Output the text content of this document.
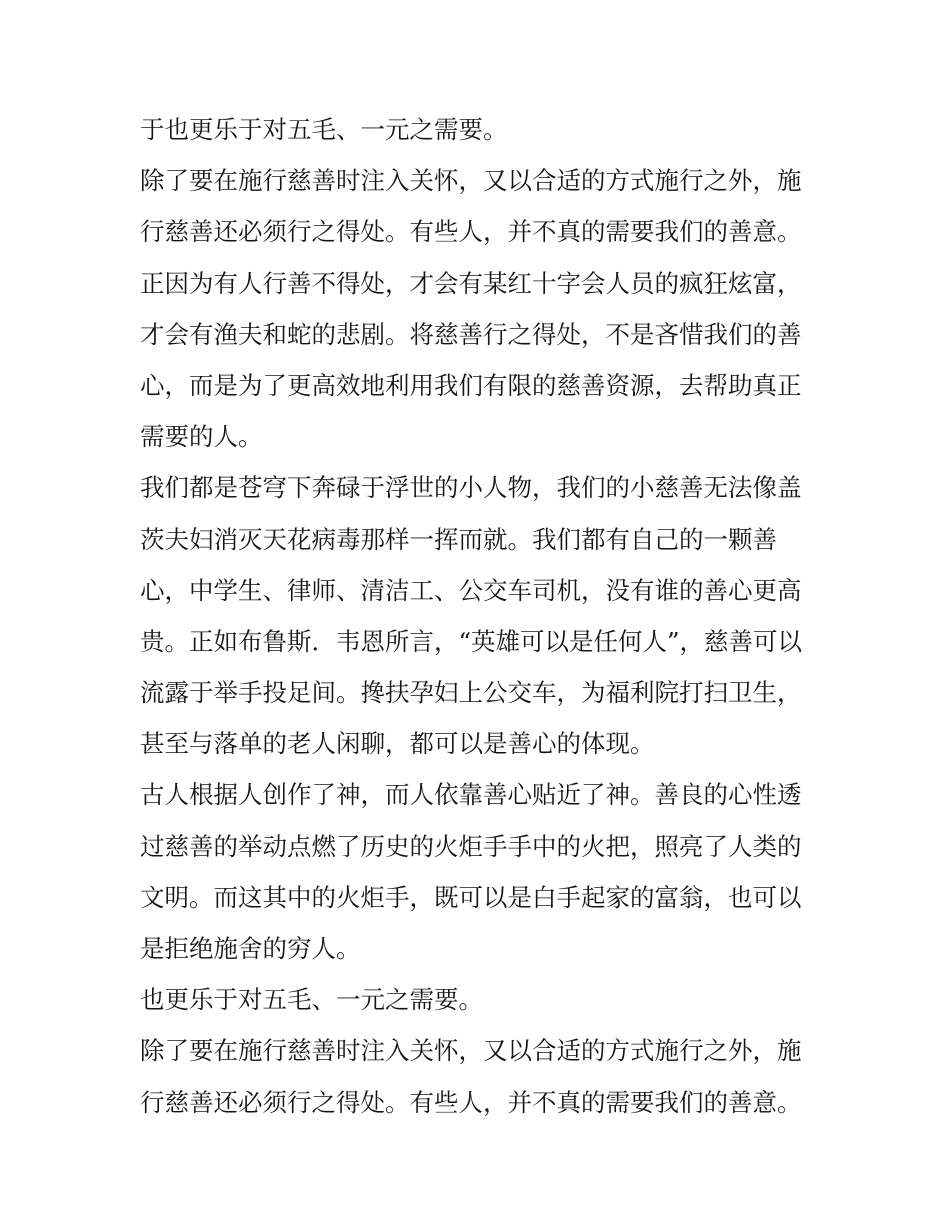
于也更乐于对五毛、一元之需要。
除了要在施行慈善时注入关怀，又以合适的方式施行之外，施
行慈善还必须行之得处。有些人，并不真的需要我们的善意。
正因为有人行善不得处，才会有某红十字会人员的疯狂炫富，
才会有渔夫和蛇的悲剧。将慈善行之得处，不是吝惜我们的善
心，而是为了更高效地利用我们有限的慈善资源，去帮助真正
需要的人。
我们都是苍穹下奔碌于浮世的小人物，我们的小慈善无法像盖
茨夫妇消灭天花病毒那样一挥而就。我们都有自己的一颗善
心，中学生、律师、清洁工、公交车司机，没有谁的善心更高
贵。正如布鲁斯．韦恩所言，“英雄可以是任何人”，慈善可以
流露于举手投足间。搀扶孕妇上公交车，为福利院打扫卫生，
甚至与落单的老人闲聊，都可以是善心的体现。
古人根据人创作了神，而人依靠善心贴近了神。善良的心性透
过慈善的举动点燃了历史的火炬手手中的火把，照亮了人类的
文明。而这其中的火炬手，既可以是白手起家的富翁，也可以
是拒绝施舍的穷人。
也更乐于对五毛、一元之需要。
除了要在施行慈善时注入关怀，又以合适的方式施行之外，施
行慈善还必须行之得处。有些人，并不真的需要我们的善意。
